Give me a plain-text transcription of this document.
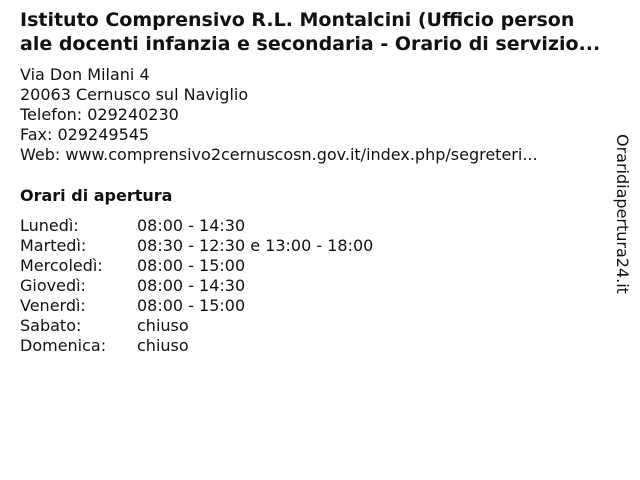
Istituto Comprensivo R.L. Montalcini (Ufficio person
ale docenti infanzia e secondaria - Orario di servizio...
Via Don Milani 4
20063 Cernusco sul Naviglio
Telefon: 029240230
Fax: 029249545
Web: www.comprensivo2cernuscosn.gov.it/index.php/segreteri...
Orari di apertura
Lunedì:	08:00 - 14:30
Martedì:	08:30 - 12:30 e 13:00 - 18:00
Mercoledì:	08:00 - 15:00
Giovedì:	08:00 - 14:30
Venerdì:	08:00 - 15:00
Sabato:	chiuso
Domenica:	chiuso
Oraridiapertura24.it
